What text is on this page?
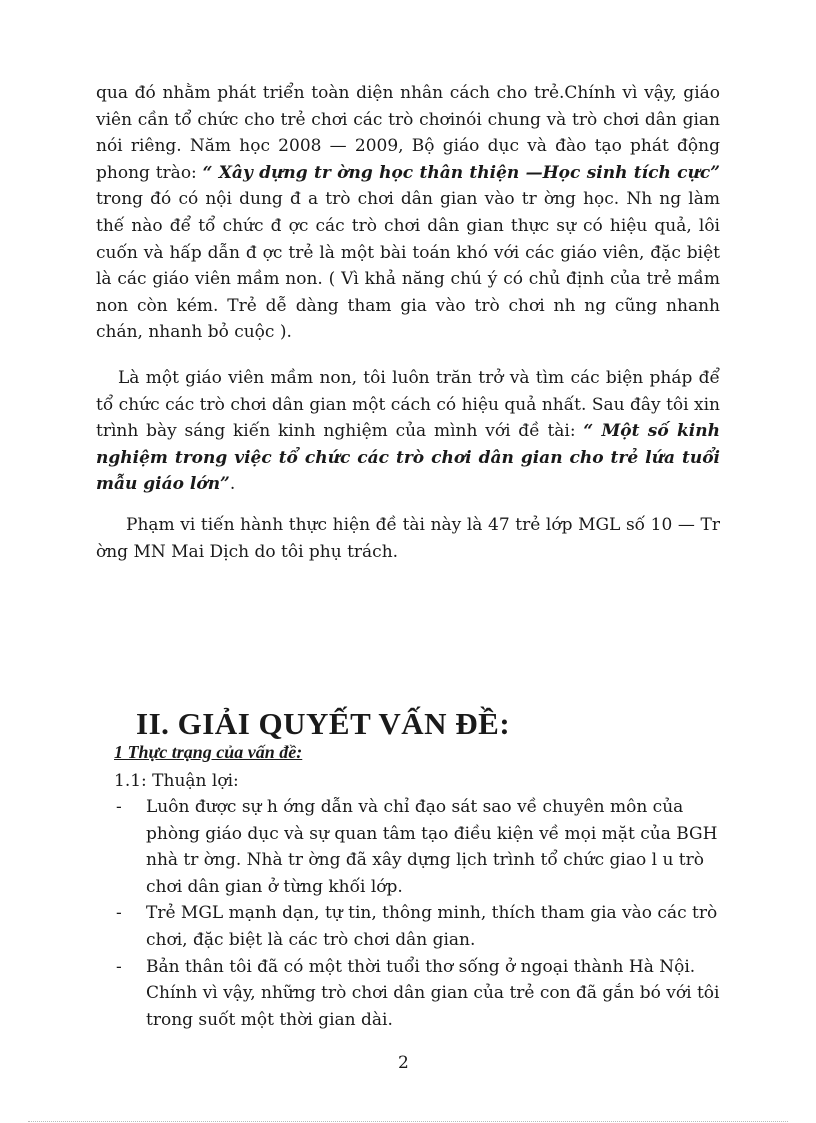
qua đó nhằm phát triển toàn diện nhân cách cho trẻ.Chính vì vậy, giáo viên cần tổ chức cho trẻ chơi các trò chơinói chung và trò chơi dân gian nói riêng. Năm học 2008 — 2009, Bộ giáo dục và đào tạo phát động phong trào: “ Xây dựng tr ờng học thân thiện —Học sinh tích cực” trong đó có nội dung đ a trò chơi dân gian vào tr ờng học. Nh ng làm thế nào để tổ chức đ ợc các trò chơi dân gian thực sự có hiệu quả, lôi cuốn và hấp dẫn đ ợc trẻ là một bài toán khó với các giáo viên, đặc biệt là các giáo viên mầm non. ( Vì khả năng chú ý có chủ định của trẻ mầm non còn kém. Trẻ dễ dàng tham gia vào trò chơi nh ng cũng nhanh chán, nhanh bỏ cuộc ).

Là một giáo viên mầm non, tôi luôn trăn trở và tìm các biện pháp để tổ chức các trò chơi dân gian một cách có hiệu quả nhất. Sau đây tôi xin trình bày sáng kiến kinh nghiệm của mình với đề tài: “ Một số kinh nghiệm trong việc tổ chức các trò chơi dân gian cho trẻ lứa tuổi mẫu giáo lớn”.

Phạm vi tiến hành thực hiện đề tài này là 47 trẻ lớp MGL số 10 — Tr ờng MN Mai Dịch do tôi phụ trách.

II. GIẢI QUYẾT VẤN ĐỀ:
1 Thực trạng của vấn đề:

1.1: Thuận lợi:

- Luôn được sự h ớng dẫn và chỉ đạo sát sao về chuyên môn của phòng giáo dục và sự quan tâm tạo điều kiện về mọi mặt của BGH nhà tr ờng. Nhà tr ờng đã xây dựng lịch trình tổ chức giao l u trò chơi dân gian ở từng khối lớp.
- Trẻ MGL mạnh dạn, tự tin, thông minh, thích tham gia vào các trò chơi, đặc biệt là các trò chơi dân gian.
- Bản thân tôi đã có một thời tuổi thơ sống ở ngoại thành Hà Nội. Chính vì vậy, những trò chơi dân gian của trẻ con đã gắn bó với tôi trong suốt một thời gian dài.

2
